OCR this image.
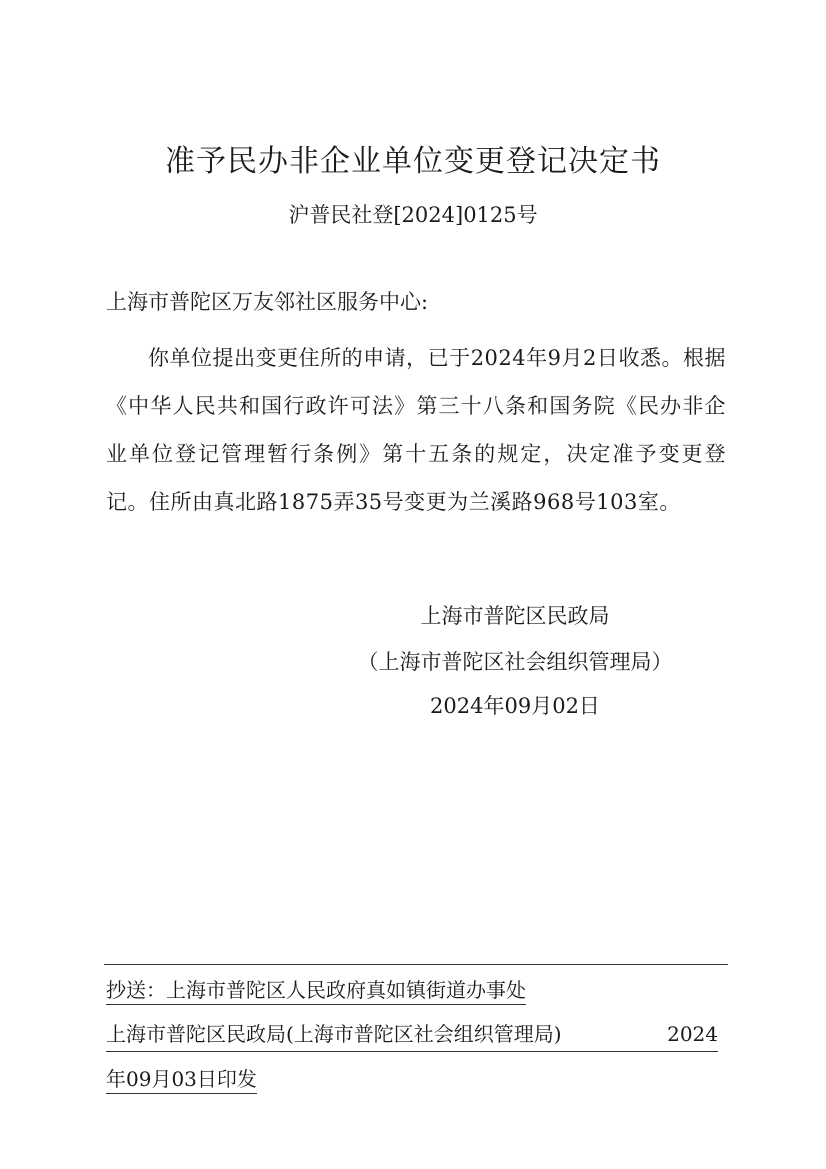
准予民办非企业单位变更登记决定书
沪普民社登[2024]0125号
上海市普陀区万友邻社区服务中心:
你单位提出变更住所的申请，已于2024年9月2日收悉。根据《中华人民共和国行政许可法》第三十八条和国务院《民办非企业单位登记管理暂行条例》第十五条的规定，决定准予变更登记。住所由真北路1875弄35号变更为兰溪路968号103室。
上海市普陀区民政局
（上海市普陀区社会组织管理局）
2024年09月02日
抄送：上海市普陀区人民政府真如镇街道办事处
上海市普陀区民政局(上海市普陀区社会组织管理局)	2024
年09月03日印发
